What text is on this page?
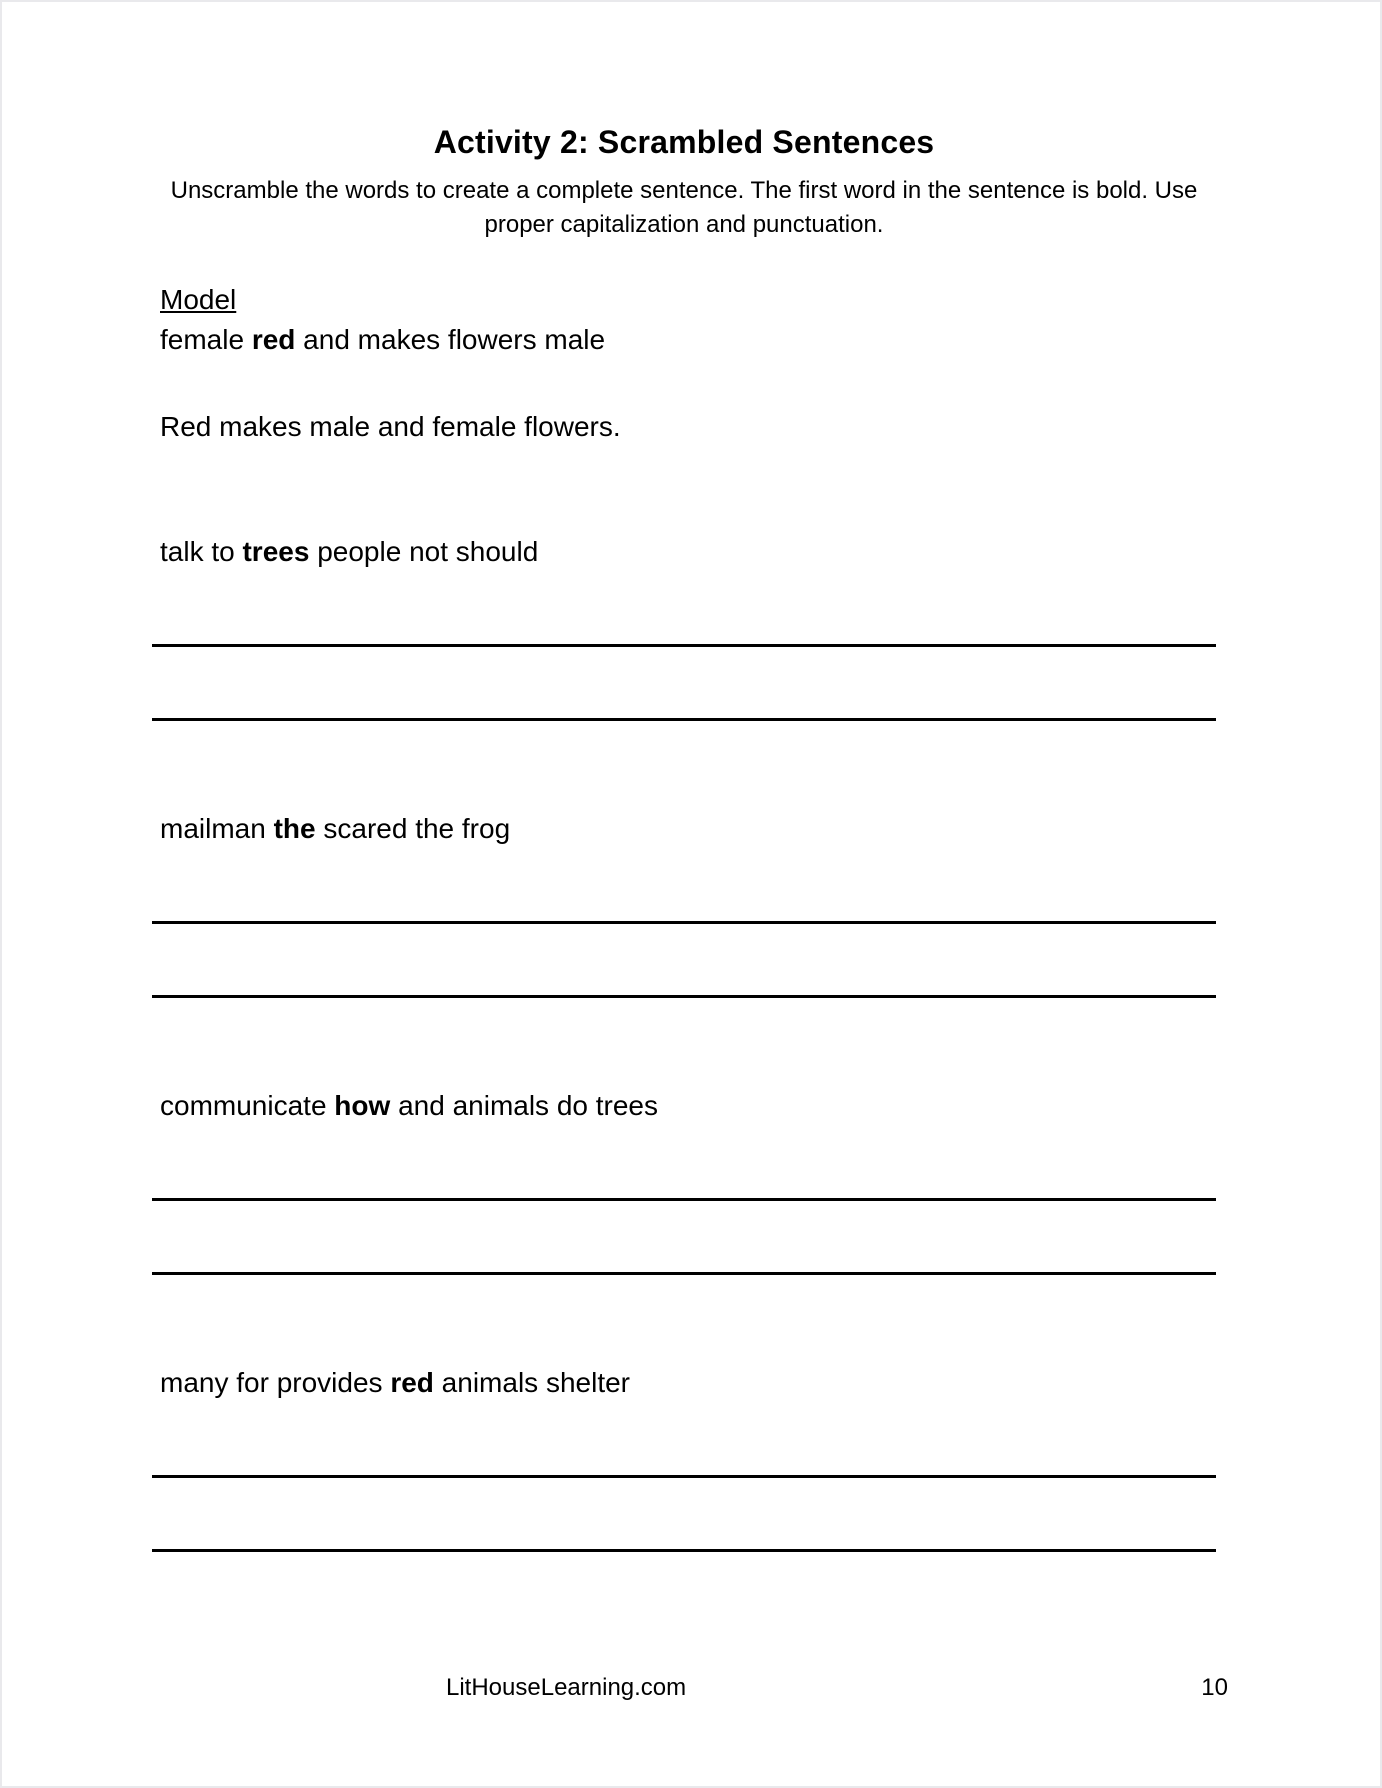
Activity 2: Scrambled Sentences
Unscramble the words to create a complete sentence. The first word in the sentence is bold. Use proper capitalization and punctuation.
Model
female red and makes flowers male
Red makes male and female flowers.
talk to trees people not should
mailman the scared the frog
communicate how and animals do trees
many for provides red animals shelter
LitHouseLearning.com	10
